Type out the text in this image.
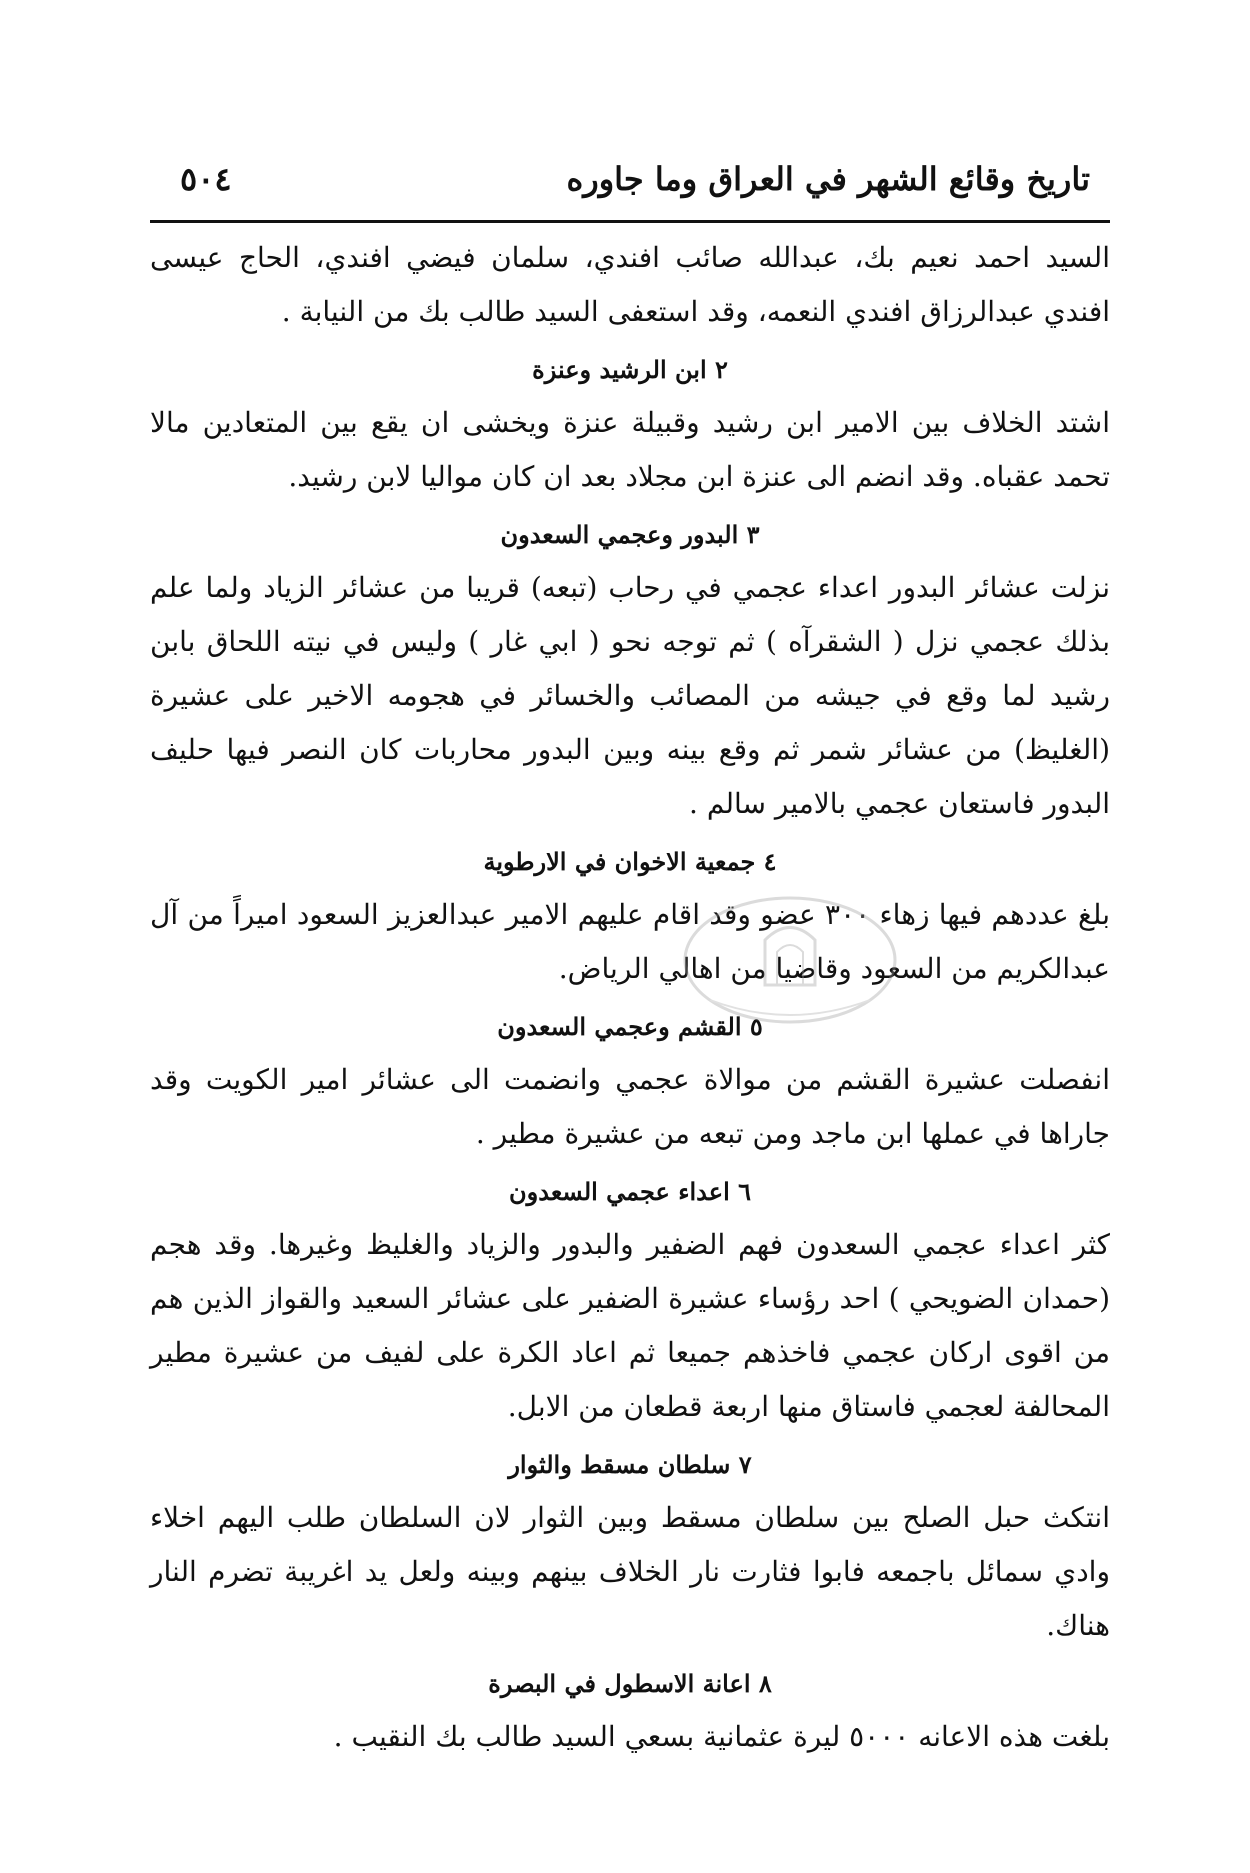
تاريخ وقائع الشهر في العراق وما جاوره
٥٠٤

السيد احمد نعيم بك، عبدالله صائب افندي، سلمان فيضي افندي، الحاج عيسى افندي عبدالرزاق افندي النعمه، وقد استعفى السيد طالب بك من النيابة .

٢ ابن الرشيد وعنزة

اشتد الخلاف بين الامير ابن رشيد وقبيلة عنزة ويخشى ان يقع بين المتعادين مالا تحمد عقباه. وقد انضم الى عنزة ابن مجلاد بعد ان كان مواليا لابن رشيد.

٣ البدور وعجمي السعدون

نزلت عشائر البدور اعداء عجمي في رحاب (تبعه) قريبا من عشائر الزياد ولما علم بذلك عجمي نزل ( الشقرآه ) ثم توجه نحو ( ابي غار ) وليس في نيته اللحاق بابن رشيد لما وقع في جيشه من المصائب والخسائر في هجومه الاخير على عشيرة (الغليظ) من عشائر شمر ثم وقع بينه وبين البدور محاربات كان النصر فيها حليف البدور فاستعان عجمي بالامير سالم .

٤ جمعية الاخوان في الارطوية

بلغ عددهم فيها زهاء ٣٠٠ عضو وقد اقام عليهم الامير عبدالعزيز السعود اميراً من آل عبدالكريم من السعود وقاضيا من اهالي الرياض.

٥ القشم وعجمي السعدون

انفصلت عشيرة القشم من موالاة عجمي وانضمت الى عشائر امير الكويت وقد جاراها في عملها ابن ماجد ومن تبعه من عشيرة مطير .

٦ اعداء عجمي السعدون

كثر اعداء عجمي السعدون فهم الضفير والبدور والزياد والغليظ وغيرها. وقد هجم (حمدان الضويحي ) احد رؤساء عشيرة الضفير على عشائر السعيد والقواز الذين هم من اقوى اركان عجمي فاخذهم جميعا ثم اعاد الكرة على لفيف من عشيرة مطير المحالفة لعجمي فاستاق منها اربعة قطعان من الابل.

٧ سلطان مسقط والثوار

انتكث حبل الصلح بين سلطان مسقط وبين الثوار لان السلطان طلب اليهم اخلاء وادي سمائل باجمعه فابوا فثارت نار الخلاف بينهم وبينه ولعل يد اغريبة تضرم النار هناك.

٨ اعانة الاسطول في البصرة

بلغت هذه الاعانه ٥٠٠٠ ليرة عثمانية بسعي السيد طالب بك النقيب .
